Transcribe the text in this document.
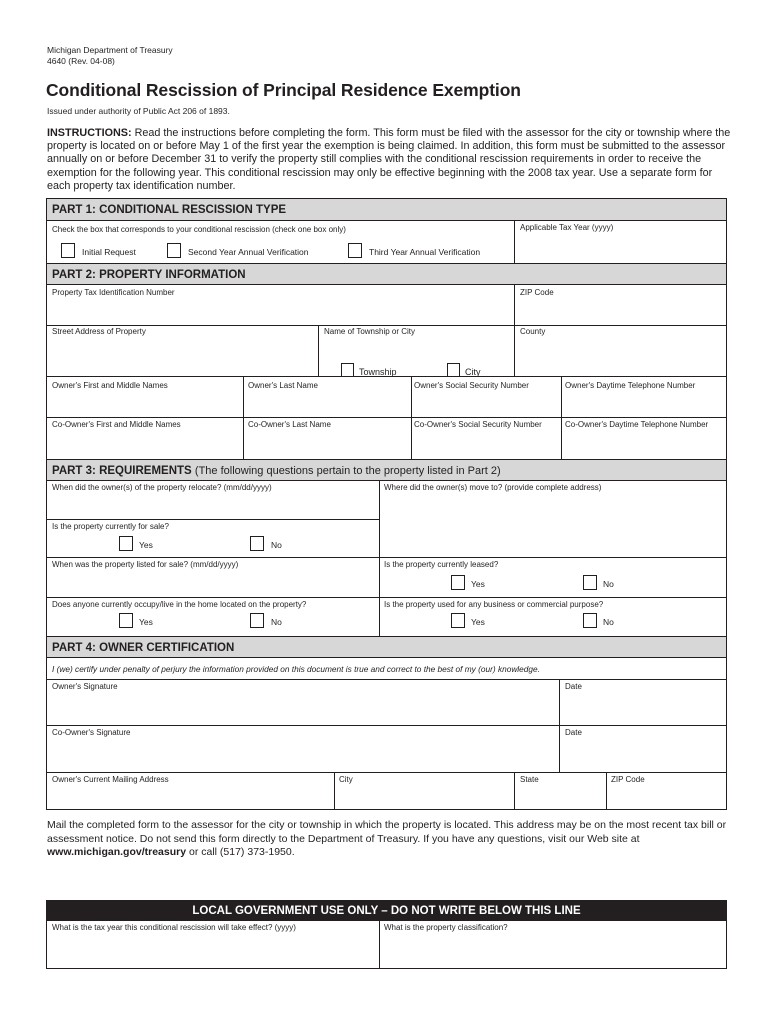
Michigan Department of Treasury
4640 (Rev. 04-08)
Conditional Rescission of Principal Residence Exemption
Issued under authority of Public Act 206 of 1893.
INSTRUCTIONS: Read the instructions before completing the form. This form must be filed with the assessor for the city or township where the property is located on or before May 1 of the first year the exemption is being claimed. In addition, this form must be submitted to the assessor annually on or before December 31 to verify the property still complies with the conditional rescission requirements in order to receive the exemption for the following year. This conditional rescission may only be effective beginning with the 2008 tax year. Use a separate form for each property tax identification number.
PART 1: CONDITIONAL RESCISSION TYPE
Check the box that corresponds to your conditional rescission (check one box only)	Applicable Tax Year (yyyy)
Initial Request	Second Year Annual Verification	Third Year Annual Verification
PART 2: PROPERTY INFORMATION
Property Tax Identification Number	ZIP Code
Street Address of Property	Name of Township or City	County
Township	City
Owner's First and Middle Names	Owner's Last Name	Owner's Social Security Number	Owner's Daytime Telephone Number
Co-Owner's First and Middle Names	Co-Owner's Last Name	Co-Owner's Social Security Number	Co-Owner's Daytime Telephone Number
PART 3: REQUIREMENTS (The following questions pertain to the property listed in Part 2)
When did the owner(s) of the property relocate? (mm/dd/yyyy)	Where did the owner(s) move to? (provide complete address)
Is the property currently for sale?
Yes	No
When was the property listed for sale? (mm/dd/yyyy)	Is the property currently leased?
Yes	No
Does anyone currently occupy/live in the home located on the property?	Is the property used for any business or commercial purpose?
Yes	No	Yes	No
PART 4: OWNER CERTIFICATION
I (we) certify under penalty of perjury the information provided on this document is true and correct to the best of my (our) knowledge.
Owner's Signature	Date
Co-Owner's Signature	Date
Owner's Current Mailing Address	City	State	ZIP Code
Mail the completed form to the assessor for the city or township in which the property is located. This address may be on the most recent tax bill or assessment notice. Do not send this form directly to the Department of Treasury. If you have any questions, visit our Web site at www.michigan.gov/treasury or call (517) 373-1950.
LOCAL GOVERNMENT USE ONLY – DO NOT WRITE BELOW THIS LINE
What is the tax year this conditional rescission will take effect? (yyyy)	What is the property classification?
